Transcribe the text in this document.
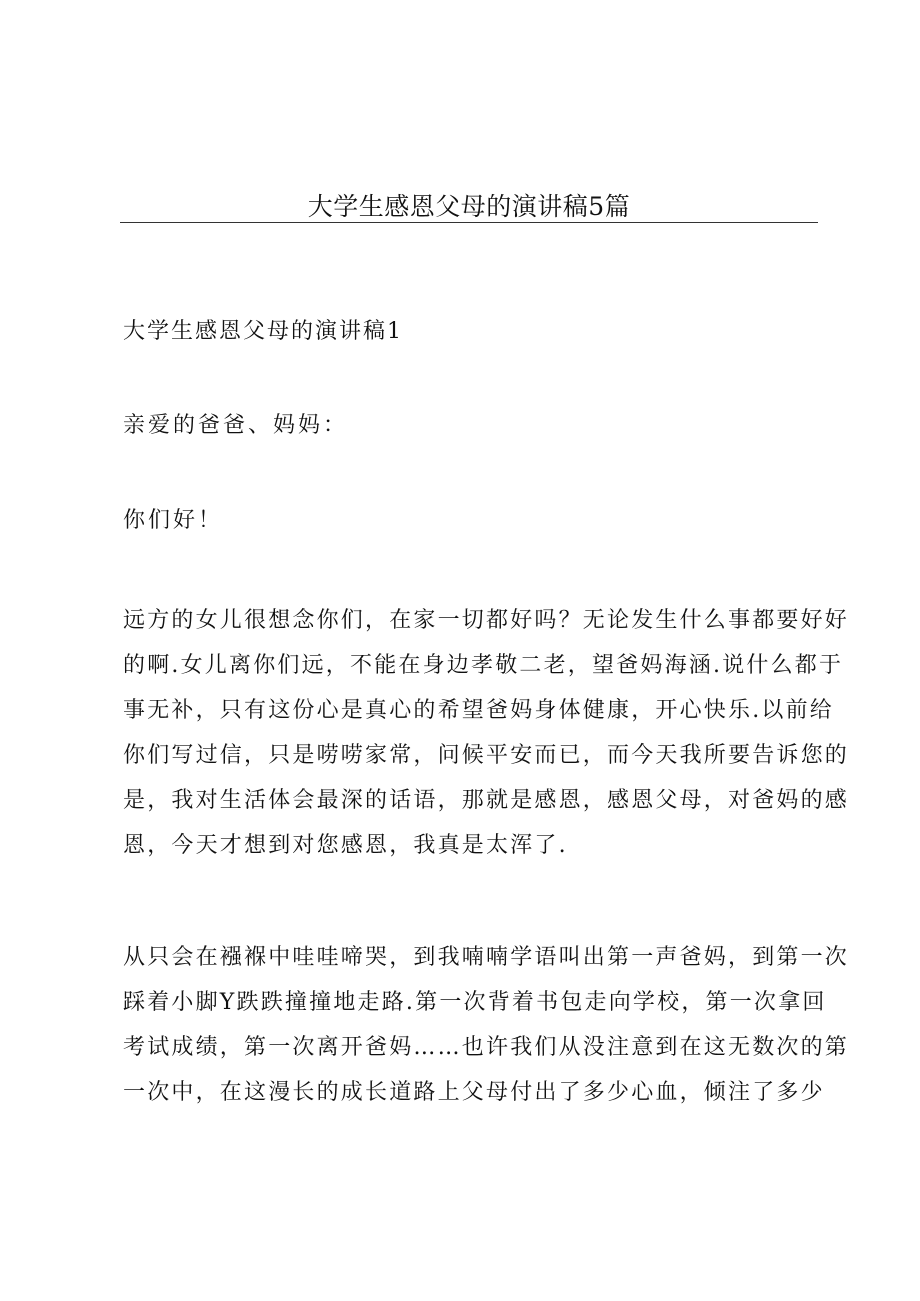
大学生感恩父母的演讲稿5篇

大学生感恩父母的演讲稿1

亲爱的爸爸、妈妈：

你们好！

远方的女儿很想念你们，在家一切都好吗？无论发生什么事都要好好
的啊.女儿离你们远，不能在身边孝敬二老，望爸妈海涵.说什么都于
事无补，只有这份心是真心的希望爸妈身体健康，开心快乐.以前给
你们写过信，只是唠唠家常，问候平安而已，而今天我所要告诉您的
是，我对生活体会最深的话语，那就是感恩，感恩父母，对爸妈的感
恩，今天才想到对您感恩，我真是太浑了.
从只会在襁褓中哇哇啼哭，到我喃喃学语叫出第一声爸妈，到第一次
踩着小脚Y跌跌撞撞地走路.第一次背着书包走向学校，第一次拿回
考试成绩，第一次离开爸妈……也许我们从没注意到在这无数次的第
一次中，在这漫长的成长道路上父母付出了多少心血，倾注了多少
